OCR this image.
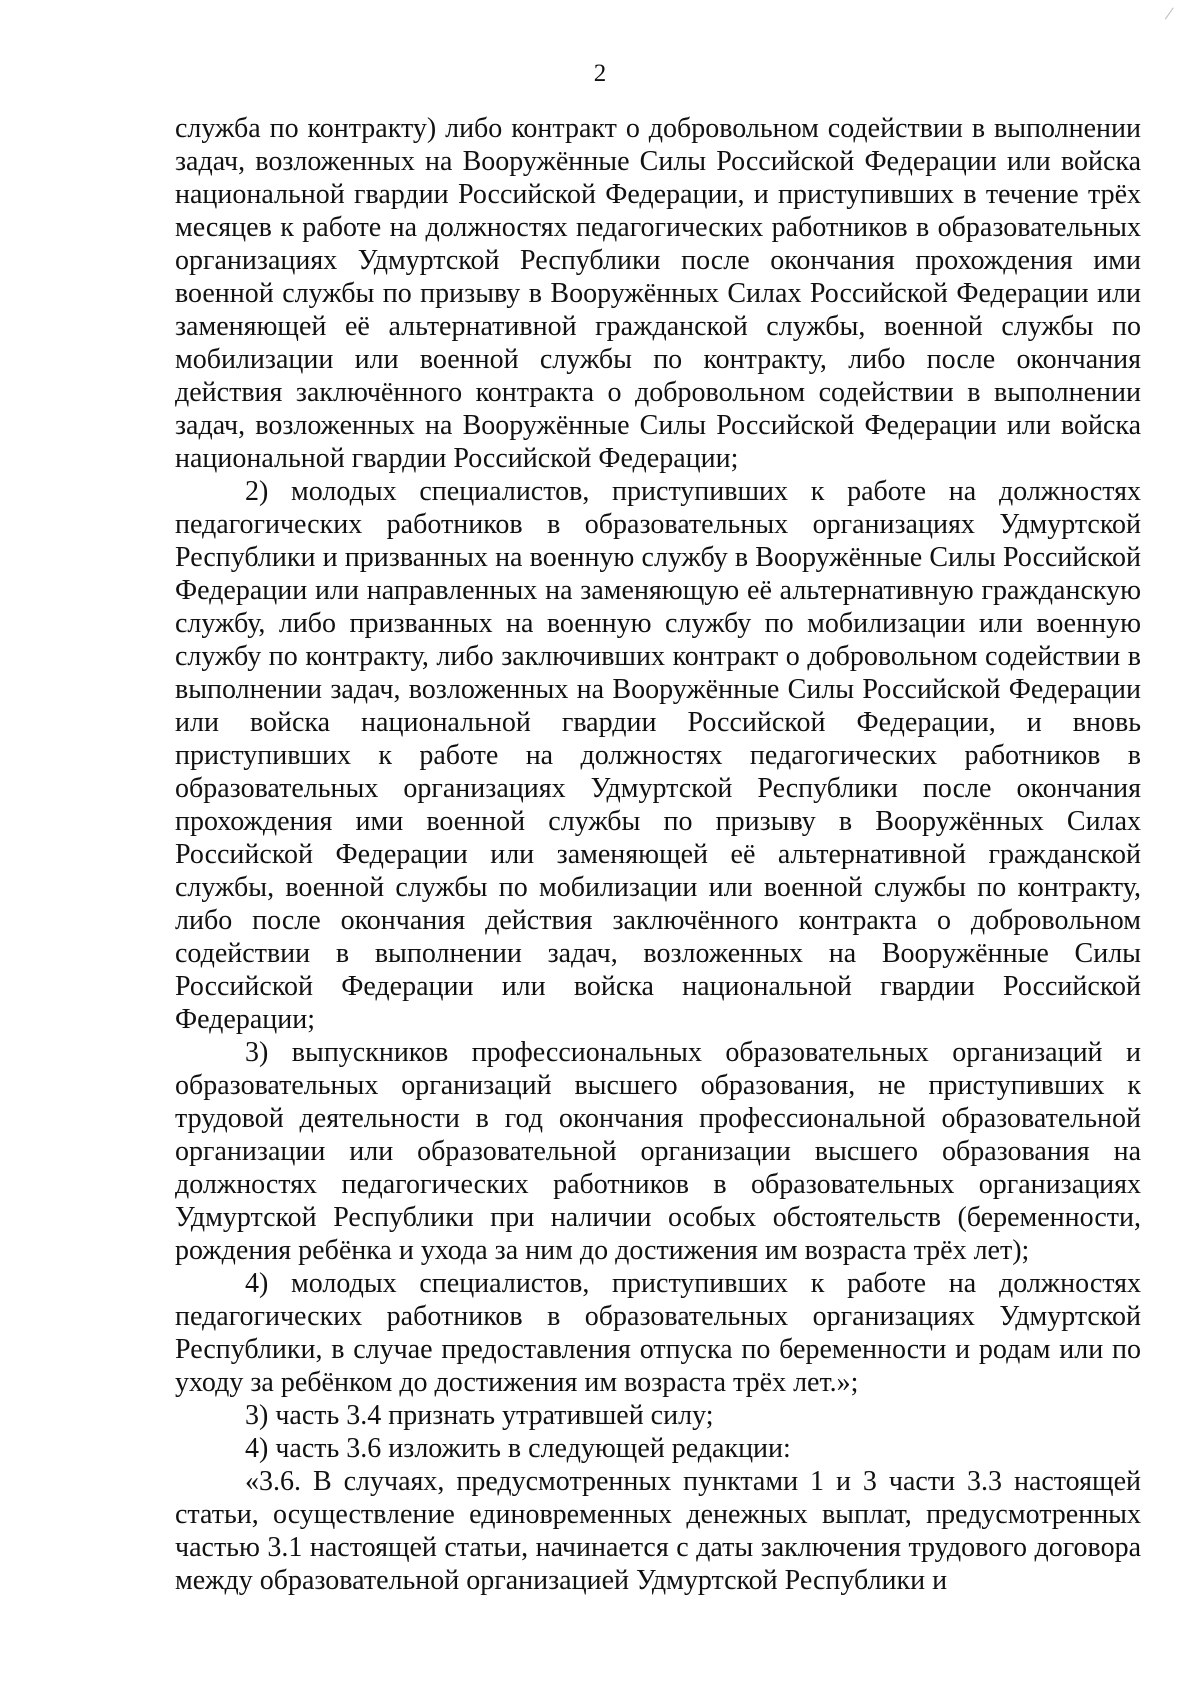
2

служба по контракту) либо контракт о добровольном содействии в выполнении задач, возложенных на Вооружённые Силы Российской Федерации или войска национальной гвардии Российской Федерации, и приступивших в течение трёх месяцев к работе на должностях педагогических работников в образовательных организациях Удмуртской Республики после окончания прохождения ими военной службы по призыву в Вооружённых Силах Российской Федерации или заменяющей её альтернативной гражданской службы, военной службы по мобилизации или военной службы по контракту, либо после окончания действия заключённого контракта о добровольном содействии в выполнении задач, возложенных на Вооружённые Силы Российской Федерации или войска национальной гвардии Российской Федерации;

2) молодых специалистов, приступивших к работе на должностях педагогических работников в образовательных организациях Удмуртской Республики и призванных на военную службу в Вооружённые Силы Российской Федерации или направленных на заменяющую её альтернативную гражданскую службу, либо призванных на военную службу по мобилизации или военную службу по контракту, либо заключивших контракт о добровольном содействии в выполнении задач, возложенных на Вооружённые Силы Российской Федерации или войска национальной гвардии Российской Федерации, и вновь приступивших к работе на должностях педагогических работников в образовательных организациях Удмуртской Республики после окончания прохождения ими военной службы по призыву в Вооружённых Силах Российской Федерации или заменяющей её альтернативной гражданской службы, военной службы по мобилизации или военной службы по контракту, либо после окончания действия заключённого контракта о добровольном содействии в выполнении задач, возложенных на Вооружённые Силы Российской Федерации или войска национальной гвардии Российской Федерации;

3) выпускников профессиональных образовательных организаций и образовательных организаций высшего образования, не приступивших к трудовой деятельности в год окончания профессиональной образовательной организации или образовательной организации высшего образования на должностях педагогических работников в образовательных организациях Удмуртской Республики при наличии особых обстоятельств (беременности, рождения ребёнка и ухода за ним до достижения им возраста трёх лет);

4) молодых специалистов, приступивших к работе на должностях педагогических работников в образовательных организациях Удмуртской Республики, в случае предоставления отпуска по беременности и родам или по уходу за ребёнком до достижения им возраста трёх лет.»;

3) часть 3.4 признать утратившей силу;

4) часть 3.6 изложить в следующей редакции:

«3.6. В случаях, предусмотренных пунктами 1 и 3 части 3.3 настоящей статьи, осуществление единовременных денежных выплат, предусмотренных частью 3.1 настоящей статьи, начинается с даты заключения трудового договора между образовательной организацией Удмуртской Республики и
